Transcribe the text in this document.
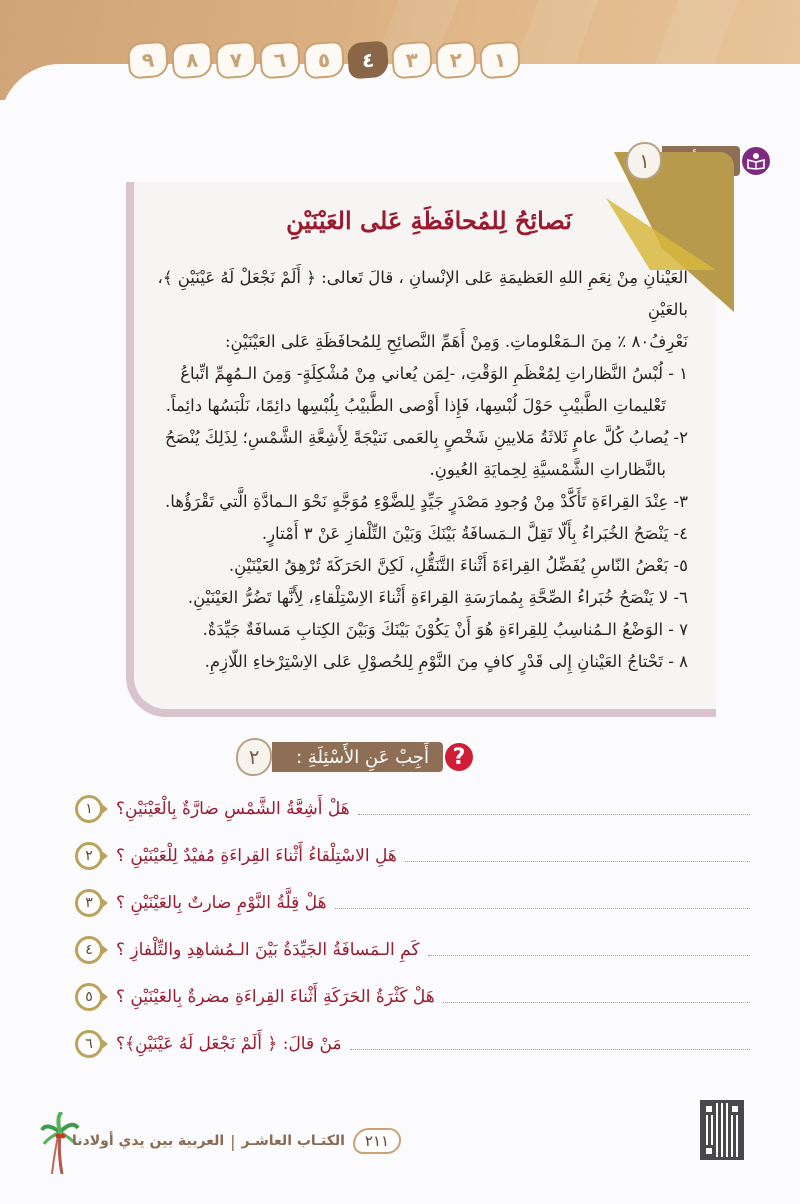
١
٢
٣
٤
٥
٦
٧
٨
٩
١
نَصائِحُ لِلمُحافَظَةِ عَلى العَيْنَيْنِ

العَيْنانِ مِنْ نِعَمِ اللهِ العَظيمَةِ عَلى الإنْسانِ ، قالَ تَعالى: ﴿ أَلَمْ نَجْعَلْ لَهُ عَيْنَيْنِ ﴾، بالعَيْنِ

نَعْرِفُ٨٠ ٪ مِنَ الـمَعْلوماتِ. وَمِنْ أَهَمِّ النَّصائِحِ لِلمُحافَظَةِ عَلى العَيْنَيْنِ:

١ - لُبْسُ النَّظاراتِ لِمُعْظَمِ الوَقْتِ، -لِمَن يُعاني مِنْ مُشْكِلَةٍ- وَمِنَ الـمُهِمِّ اتِّباعُ

تَعْليماتِ الطَّبيْبِ حَوْلَ لُبْسِها، فَإِذا أَوْصى الطَّبيْبُ بِلُبْسِها دائِمًا، نَلْبَسُها دائِماً.

٢- يُصابُ كُلَّ عامٍ ثَلاثَةُ مَلايينِ شَخْصٍ بِالعَمى نَتيْجَةً لِأَشِعَّةِ الشَّمْسِ؛ لِذَلِكَ يُنْصَحُ

بالنَّظاراتِ الشَّمْسيَّةِ لِحِمايَةِ العُيونِ.

٣- عِنْدَ القِراءَةِ تَأَكَّدْ مِنْ وُجودِ مَصْدَرٍ جَيِّدٍ لِلضَّوْءِ مُوَجَّهٍ نَحْوَ الـمادَّةِ الَّتي تَقْرَؤُها.

٤- يَنْصَحُ الخُبَراءُ بِأَلّا تَقِلَّ الـمَسافَةُ بَيْنَكَ وَبَيْنَ التِّلْفازِ عَنْ ٣ أَمْتارٍ.

٥- بَعْضُ النّاسِ يُفَضِّلُ القِراءَةَ أَثْناءَ التَّنَقُّلِ، لَكِنَّ الحَرَكَةَ تُرْهِقُ العَيْنَيْنِ.

٦- لا يَنْصَحُ خُبَراءُ الصِّحَّةِ بِمُمارَسَةِ القِراءَةِ أَثْناءَ الاِسْتِلْقاءِ، لِأَنَّها تَضُرُّ العَيْنَيْنِ.

٧ - الوَضْعُ الـمُناسِبُ لِلقِراءَةِ هُوَ أَنْ يَكُوْنَ بَيْنَكَ وَبَيْنَ الكِتابِ مَسافَةٌ جَيِّدَةٌ.

٨ - تَحْتاجُ العَيْنانِ إِلى قَدْرٍ كافٍ مِنَ النَّوْمِ لِلحُصوْلِ عَلى الاِسْتِرْخاءِ اللّازِمِ.

٢	أَجِبْ عَنِ الأَسْئِلَةِ :	?
١	هَلْ أَشِعَّةُ الشَّمْسِ ضارَّةٌ بِالْعَيْنَيْنِ؟
٢	هَلِ الاسْتِلْقاءُ أَثْناءَ القِراءَةِ مُفيْدٌ لِلْعَيْنَيْنِ ؟
٣	هَلْ قِلَّةُ النَّوْمِ ضارتٌ بِالعَيْنَيْنِ ؟
٤	كَمِ الـمَسافَةُ الجَيِّدَةُ بَيْنَ الـمُشاهِدِ والتِّلْفازِ ؟
٥	هَلْ كَثْرَةُ الحَرَكَةِ أَثْناءَ القِراءَةِ مضرةٌ بِالعَيْنَيْنِ ؟
٦	مَنْ قالَ: ﴿ أَلَمْ نَجْعَل لَهُ عَيْنَيْنِ﴾؟
٢١١
الكتـاب العاشـر
|
العربية بين يدي أولادنا
